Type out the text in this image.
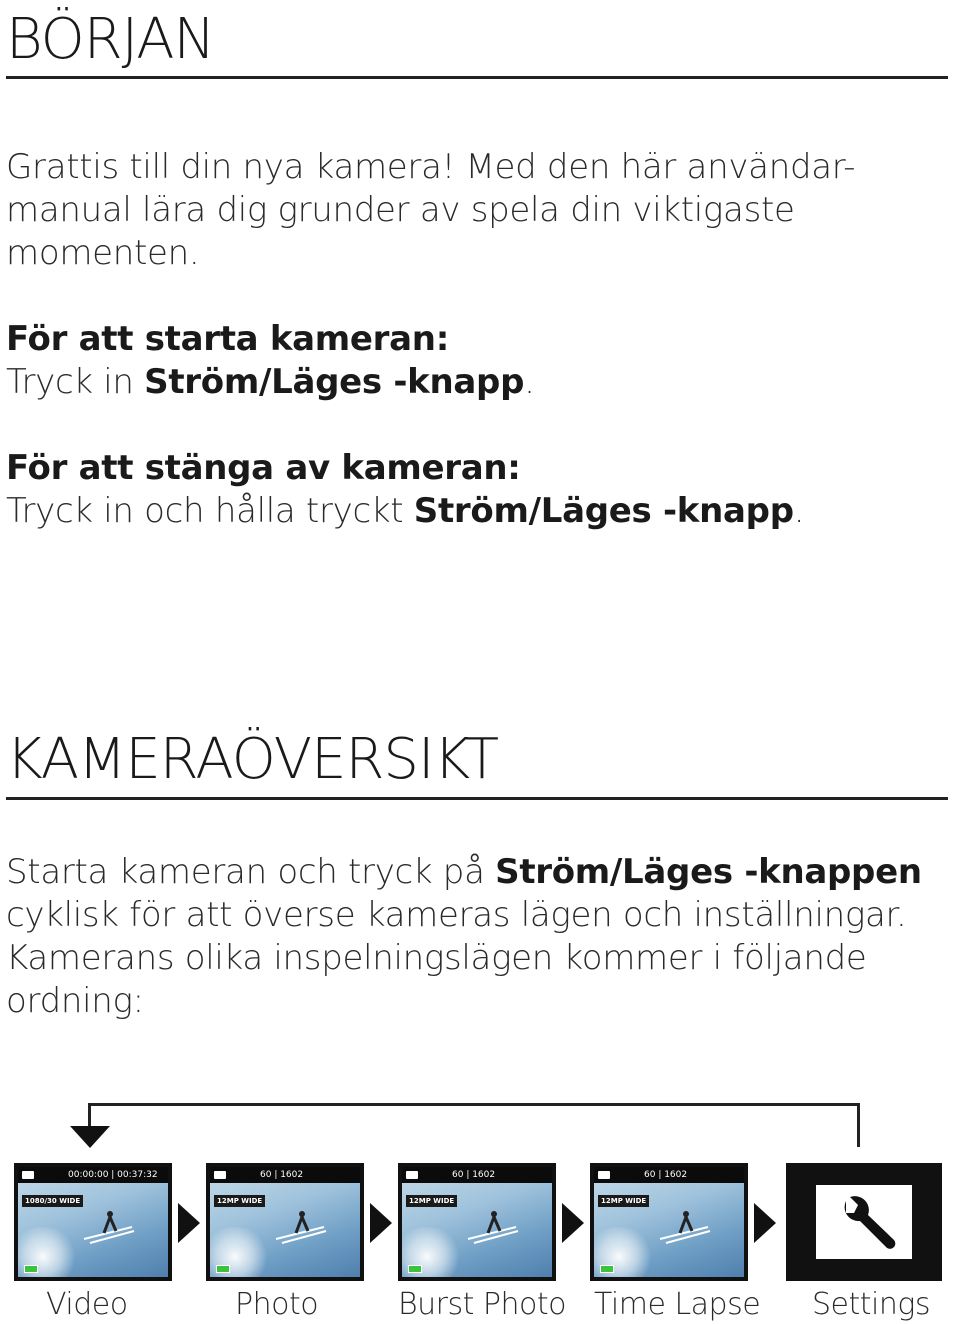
BÖRJAN

Grattis till din nya kamera! Med den här användar-
manual lära dig grunder av spela din viktigaste
momenten.

För att starta kameran:
Tryck in Ström/Läges -knapp.

För att stänga av kameran:
Tryck in och hålla tryckt Ström/Läges -knapp.

KAMERAÖVERSIKT

Starta kameran och tryck på Ström/Läges -knappen
cyklisk för att överse kameras lägen och inställningar.
Kamerans olika inspelningslägen kommer i följande
ordning:

00:00:00 | 00:37:32
1080/30 WIDE
60 | 1602
12MP WIDE
60 | 1602
12MP WIDE
60 | 1602
12MP WIDE
Video	Photo	Burst Photo Time Lapse Settings
